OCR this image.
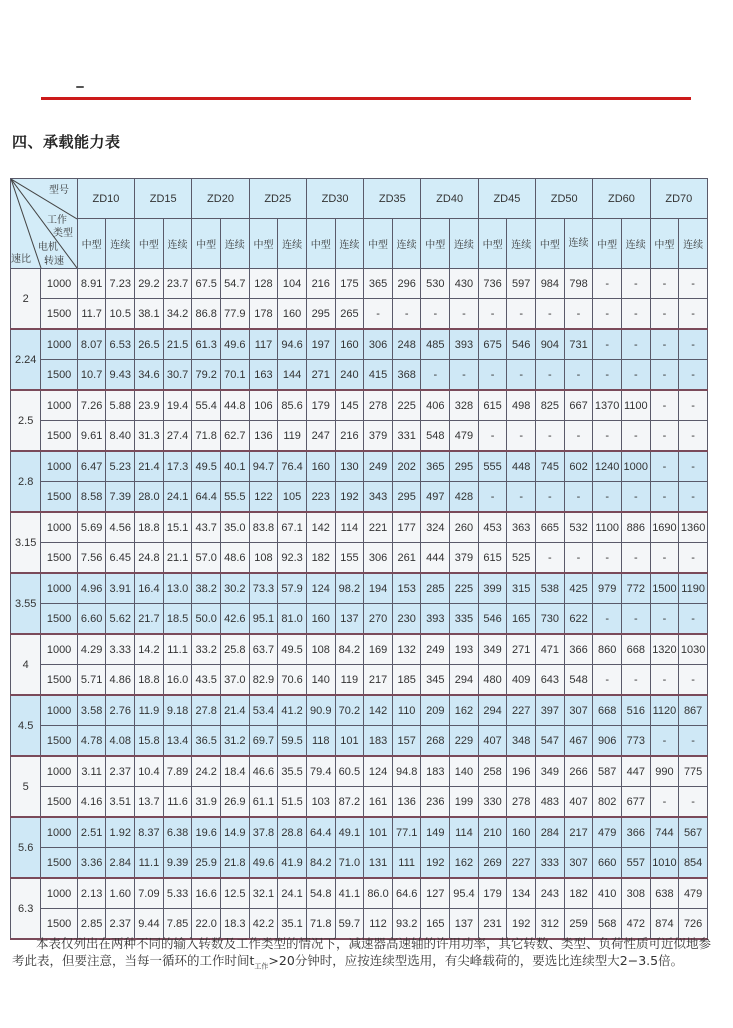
四、承载能力表
型号
工作
类型
电机
转速
速比
	ZD10	ZD15	ZD20	ZD25	ZD30	ZD35	ZD40	ZD45	ZD50	ZD60	ZD70
		中型	连续	中型	连续	中型	连续	中型	连续	中型	连续	中型	连续	中型	连续	中型	连续	中型	连续	中型	连续	中型	连续
2	1000	8.91	7.23	29.2	23.7	67.5	54.7	128	104	216	175	365	296	530	430	736	597	984	798	-	-	-	-
	1500	11.7	10.5	38.1	34.2	86.8	77.9	178	160	295	265	-	-	-	-	-	-	-	-	-	-	-	-
2.24	1000	8.07	6.53	26.5	21.5	61.3	49.6	117	94.6	197	160	306	248	485	393	675	546	904	731	-	-	-	-
	1500	10.7	9.43	34.6	30.7	79.2	70.1	163	144	271	240	415	368	-	-	-	-	-	-	-	-	-	-
2.5	1000	7.26	5.88	23.9	19.4	55.4	44.8	106	85.6	179	145	278	225	406	328	615	498	825	667	1370	1100	-	-
	1500	9.61	8.40	31.3	27.4	71.8	62.7	136	119	247	216	379	331	548	479	-	-	-	-	-	-	-	-
2.8	1000	6.47	5.23	21.4	17.3	49.5	40.1	94.7	76.4	160	130	249	202	365	295	555	448	745	602	1240	1000	-	-
	1500	8.58	7.39	28.0	24.1	64.4	55.5	122	105	223	192	343	295	497	428	-	-	-	-	-	-	-	-
3.15	1000	5.69	4.56	18.8	15.1	43.7	35.0	83.8	67.1	142	114	221	177	324	260	453	363	665	532	1100	886	1690	1360
	1500	7.56	6.45	24.8	21.1	57.0	48.6	108	92.3	182	155	306	261	444	379	615	525	-	-	-	-	-	-
3.55	1000	4.96	3.91	16.4	13.0	38.2	30.2	73.3	57.9	124	98.2	194	153	285	225	399	315	538	425	979	772	1500	1190
	1500	6.60	5.62	21.7	18.5	50.0	42.6	95.1	81.0	160	137	270	230	393	335	546	165	730	622	-	-	-	-
4	1000	4.29	3.33	14.2	11.1	33.2	25.8	63.7	49.5	108	84.2	169	132	249	193	349	271	471	366	860	668	1320	1030
	1500	5.71	4.86	18.8	16.0	43.5	37.0	82.9	70.6	140	119	217	185	345	294	480	409	643	548	-	-	-	-
4.5	1000	3.58	2.76	11.9	9.18	27.8	21.4	53.4	41.2	90.9	70.2	142	110	209	162	294	227	397	307	668	516	1120	867
	1500	4.78	4.08	15.8	13.4	36.5	31.2	69.7	59.5	118	101	183	157	268	229	407	348	547	467	906	773	-	-
5	1000	3.11	2.37	10.4	7.89	24.2	18.4	46.6	35.5	79.4	60.5	124	94.8	183	140	258	196	349	266	587	447	990	775
	1500	4.16	3.51	13.7	11.6	31.9	26.9	61.1	51.5	103	87.2	161	136	236	199	330	278	483	407	802	677	-	-
5.6	1000	2.51	1.92	8.37	6.38	19.6	14.9	37.8	28.8	64.4	49.1	101	77.1	149	114	210	160	284	217	479	366	744	567
	1500	3.36	2.84	11.1	9.39	25.9	21.8	49.6	41.9	84.2	71.0	131	111	192	162	269	227	333	307	660	557	1010	854
6.3	1000	2.13	1.60	7.09	5.33	16.6	12.5	32.1	24.1	54.8	41.1	86.0	64.6	127	95.4	179	134	243	182	410	308	638	479
	1500	2.85	2.37	9.44	7.85	22.0	18.3	42.2	35.1	71.8	59.7	112	93.2	165	137	231	192	312	259	568	472	874	726
本表仅列出在两种不同的输入转数及工作类型的情况下，减速器高速轴的许用功率，其它转数、类型、负荷性质可近似地参考此表，但要注意，当每一循环的工作时间$t_{工作}>20$分钟时，应按连续型选用，有尖峰载荷的，要选比连续型大2−3.5倍。
